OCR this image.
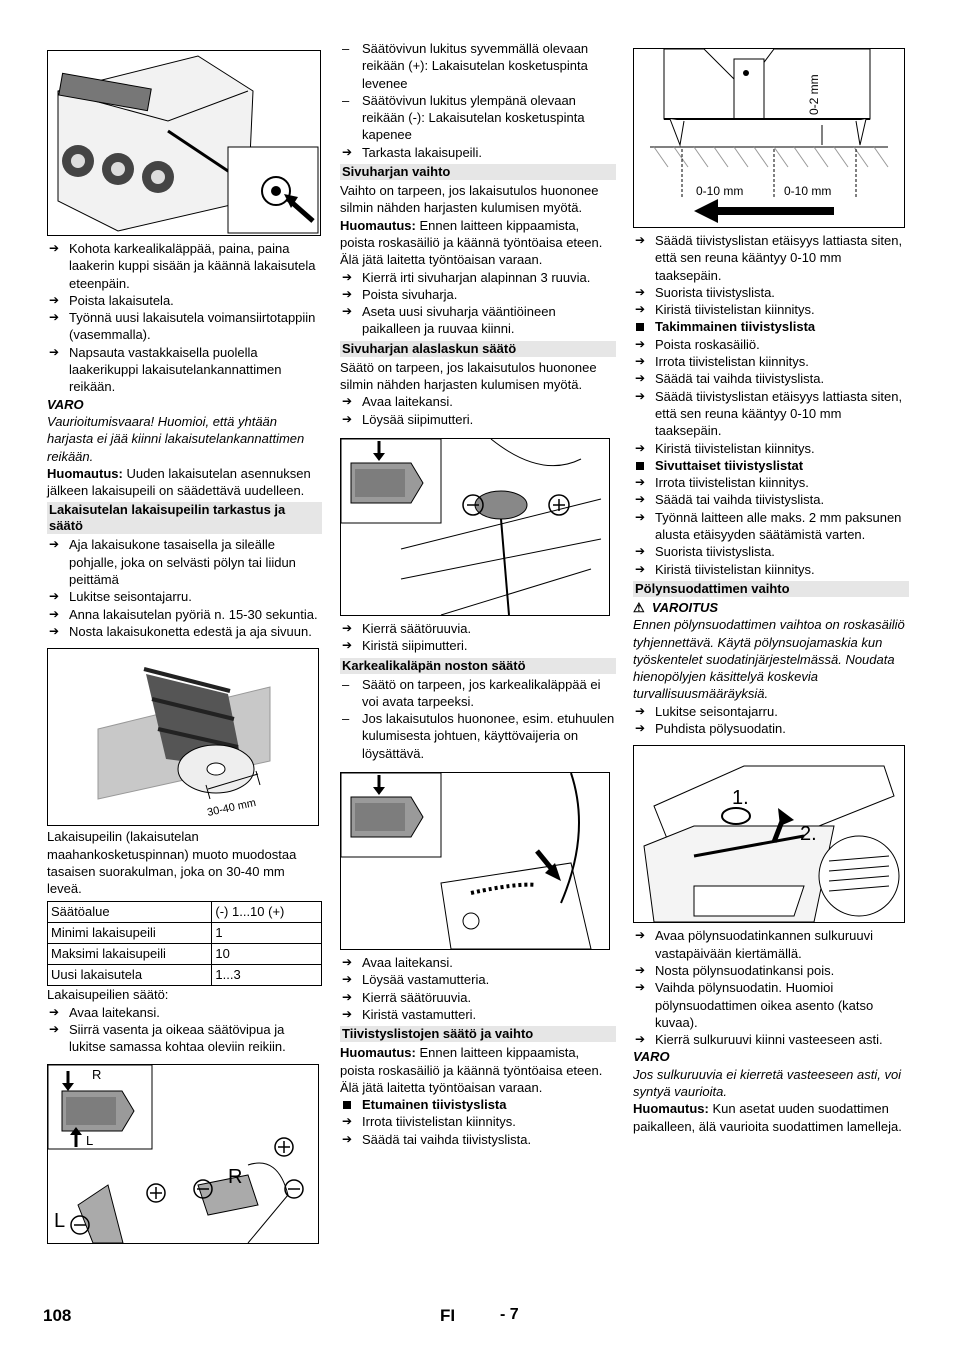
➔ Kohota karkealikaläppää, paina, paina laakerin kuppi sisään ja käännä lakaisutela eteenpäin.

➔ Poista lakaisutela.

➔ Työnnä uusi lakaisutela voimansiirtotappiin (vasemmalla).

➔ Napsauta vastakkaisella puolella laakerikuppi lakaisutelankannattimen reikään.

VARO

Vaurioitumisvaara! Huomioi, että yhtään harjasta ei jää kiinni lakaisutelankannattimen reikään.

Huomautus: Uuden lakaisutelan asennuksen jälkeen lakaisupeili on säädettävä uudelleen.

Lakaisutelan lakaisupeilin tarkastus ja säätö

➔ Aja lakaisukone tasaisella ja sileälle pohjalle, joka on selvästi pölyn tai liidun peittämä

➔ Lukitse seisontajarru.

➔ Anna lakaisutelan pyöriä n. 15-30 sekuntia.

➔ Nosta lakaisukonetta edestä ja aja sivuun.

30-40 mm

Lakaisupeilin (lakaisutelan maahankosketuspinnan) muoto muodostaa tasaisen suorakulman, joka on 30-40 mm leveä.

Säätöalue	(-) 1...10 (+)
Minimi lakaisupeili	1
Maksimi lakaisupeili	10
Uusi lakaisutela	1...3

Lakaisupeilien säätö:

➔ Avaa laitekansi.

➔ Siirrä vasenta ja oikeaa säätövipua ja lukitse samassa kohtaa oleviin reikiin.

R
L
R
L

– Säätövivun lukitus syvemmällä olevaan reikään (+): Lakaisutelan kosketuspinta levenee

– Säätövivun lukitus ylempänä olevaan reikään (-): Lakaisutelan kosketuspinta kapenee

➔ Tarkasta lakaisupeili.

Sivuharjan vaihto

Vaihto on tarpeen, jos lakaisutulos huononee silmin nähden harjasten kulumisen myötä.

Huomautus: Ennen laitteen kippaamista, poista roskasäiliö ja käännä työntöaisa eteen. Älä jätä laitetta työntöaisan varaan.

➔ Kierrä irti sivuharjan alapinnan 3 ruuvia.

➔ Poista sivuharja.

➔ Aseta uusi sivuharja vääntiöineen paikalleen ja ruuvaa kiinni.

Sivuharjan alaslaskun säätö

Säätö on tarpeen, jos lakaisutulos huononee silmin nähden harjasten kulumisen myötä.

➔ Avaa laitekansi.

➔ Löysää siipimutteri.

➔ Kierrä säätöruuvia.

➔ Kiristä siipimutteri.

Karkealikaläpän noston säätö

– Säätö on tarpeen, jos karkealikaläppää ei voi avata tarpeeksi.

– Jos lakaisutulos huononee, esim. etuhuulen kulumisesta johtuen, käyttövaijeria on löysättävä.

➔ Avaa laitekansi.

➔ Löysää vastamutteria.

➔ Kierrä säätöruuvia.

➔ Kiristä vastamutteri.

Tiivistyslistojen säätö ja vaihto

Huomautus: Ennen laitteen kippaamista, poista roskasäiliö ja käännä työntöaisa eteen. Älä jätä laitetta työntöaisan varaan.

Etumainen tiivistyslista

➔ Irrota tiivistelistan kiinnitys.

➔ Säädä tai vaihda tiivistyslista.

0-2 mm
0-10 mm	0-10 mm

➔ Säädä tiivistyslistan etäisyys lattiasta siten, että sen reuna kääntyy 0-10 mm taaksepäin.

➔ Suorista tiivistyslista.

➔ Kiristä tiivistelistan kiinnitys.

Takimmainen tiivistyslista

➔ Poista roskasäiliö.

➔ Irrota tiivistelistan kiinnitys.

➔ Säädä tai vaihda tiivistyslista.

➔ Säädä tiivistyslistan etäisyys lattiasta siten, että sen reuna kääntyy 0-10 mm taaksepäin.

➔ Kiristä tiivistelistan kiinnitys.

Sivuttaiset tiivistyslistat

➔ Irrota tiivistelistan kiinnitys.

➔ Säädä tai vaihda tiivistyslista.

➔ Työnnä laitteen alle maks. 2 mm paksunen alusta etäisyyden säätämistä varten.

➔ Suorista tiivistyslista.

➔ Kiristä tiivistelistan kiinnitys.

Pölynsuodattimen vaihto

⚠ VAROITUS

Ennen pölynsuodattimen vaihtoa on roskasäiliö tyhjennettävä. Käytä pölynsuojamaskia kun työskentelet suodatinjärjestelmässä. Noudata hienopölyjen käsittelyä koskevia turvallisuusmääräyksiä.

➔ Lukitse seisontajarru.

➔ Puhdista pölysuodatin.

1.
2.

➔ Avaa pölynsuodatinkannen sulkuruuvi vastapäivään kiertämällä.

➔ Nosta pölynsuodatinkansi pois.

➔ Vaihda pölynsuodatin. Huomioi pölynsuodattimen oikea asento (katso kuvaa).

➔ Kierrä sulkuruuvi kiinni vasteeseen asti.

VARO

Jos sulkuruuvia ei kierretä vasteeseen asti, voi syntyä vaurioita.

Huomautus: Kun asetat uuden suodattimen paikalleen, älä vaurioita suodattimen lamelleja.

108	FI	- 7
